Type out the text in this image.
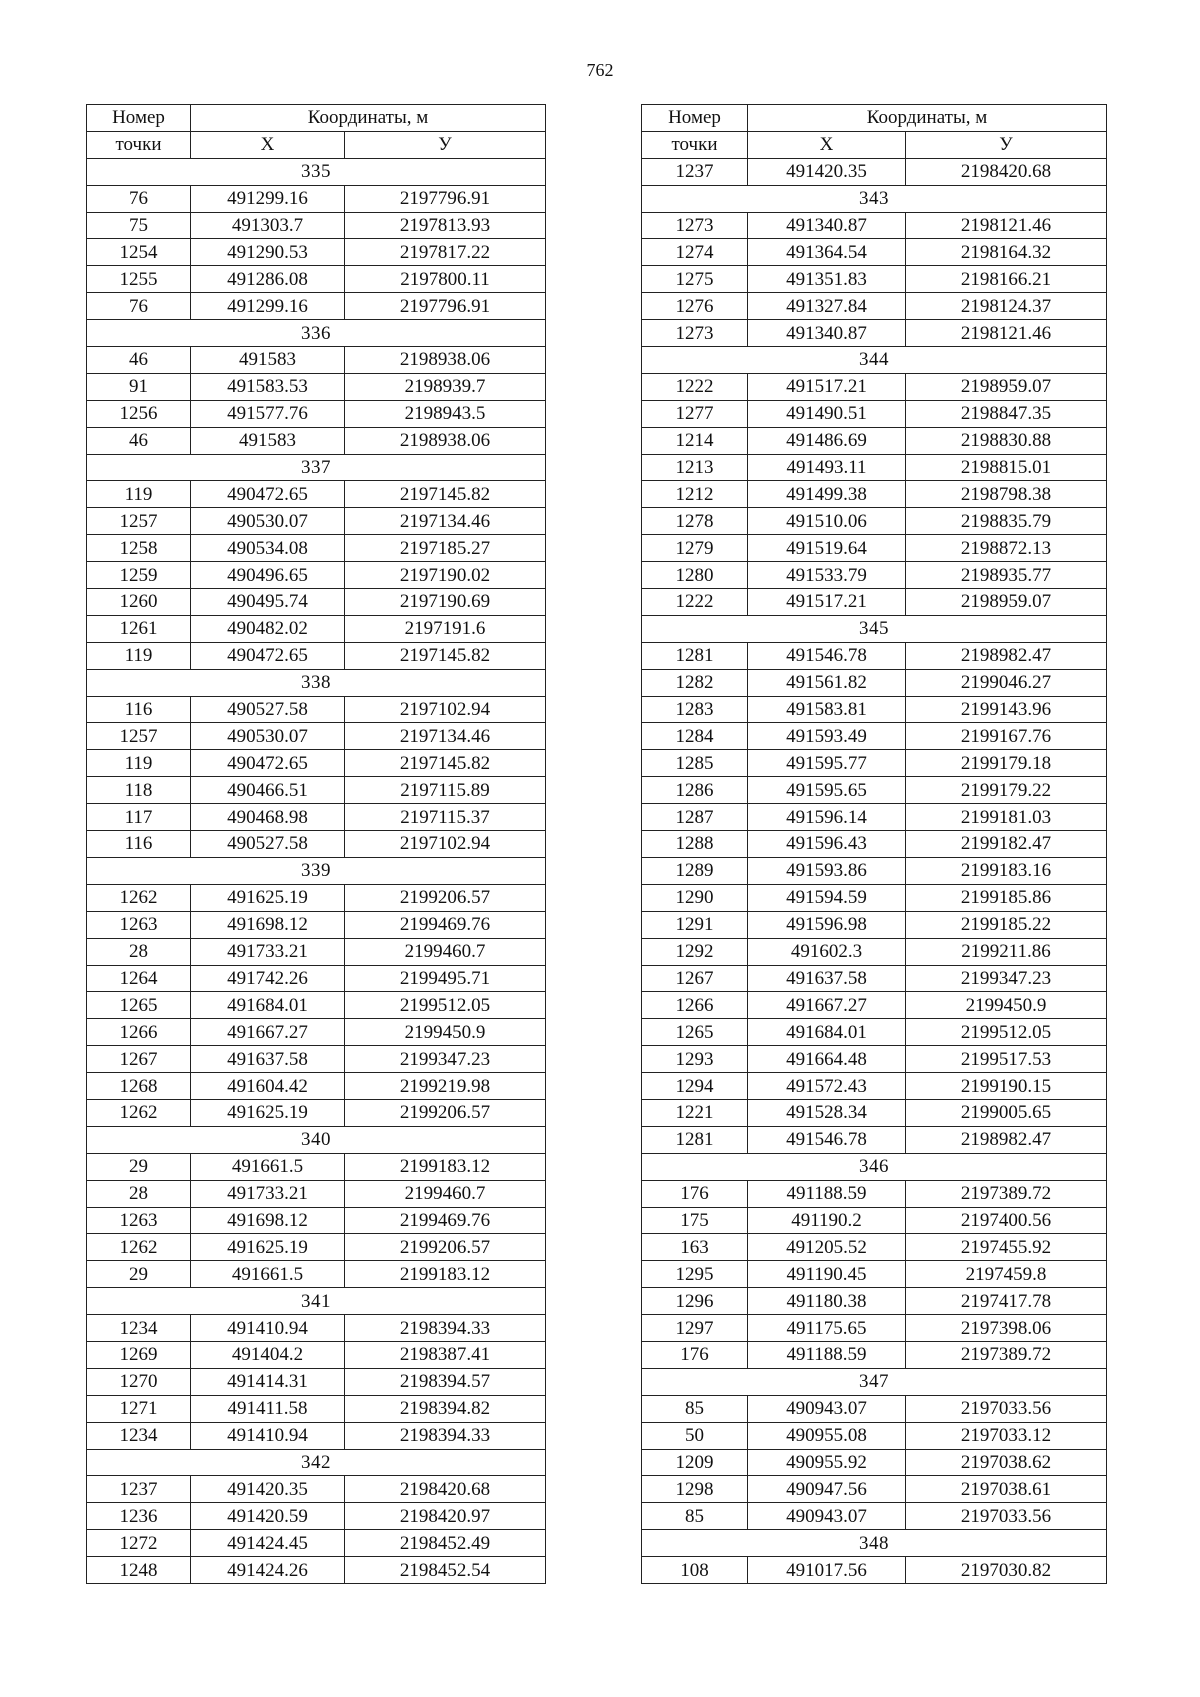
762
Номер	Координаты, м	
точки	X	У
335		
76	491299.16	2197796.91
75	491303.7	2197813.93
1254	491290.53	2197817.22
1255	491286.08	2197800.11
76	491299.16	2197796.91
336		
46	491583	2198938.06
91	491583.53	2198939.7
1256	491577.76	2198943.5
46	491583	2198938.06
337		
119	490472.65	2197145.82
1257	490530.07	2197134.46
1258	490534.08	2197185.27
1259	490496.65	2197190.02
1260	490495.74	2197190.69
1261	490482.02	2197191.6
119	490472.65	2197145.82
338		
116	490527.58	2197102.94
1257	490530.07	2197134.46
119	490472.65	2197145.82
118	490466.51	2197115.89
117	490468.98	2197115.37
116	490527.58	2197102.94
339		
1262	491625.19	2199206.57
1263	491698.12	2199469.76
28	491733.21	2199460.7
1264	491742.26	2199495.71
1265	491684.01	2199512.05
1266	491667.27	2199450.9
1267	491637.58	2199347.23
1268	491604.42	2199219.98
1262	491625.19	2199206.57
340		
29	491661.5	2199183.12
28	491733.21	2199460.7
1263	491698.12	2199469.76
1262	491625.19	2199206.57
29	491661.5	2199183.12
341		
1234	491410.94	2198394.33
1269	491404.2	2198387.41
1270	491414.31	2198394.57
1271	491411.58	2198394.82
1234	491410.94	2198394.33
342		
1237	491420.35	2198420.68
1236	491420.59	2198420.97
1272	491424.45	2198452.49
1248	491424.26	2198452.54
Номер	Координаты, м	
точки	X	У
1237	491420.35	2198420.68
343		
1273	491340.87	2198121.46
1274	491364.54	2198164.32
1275	491351.83	2198166.21
1276	491327.84	2198124.37
1273	491340.87	2198121.46
344		
1222	491517.21	2198959.07
1277	491490.51	2198847.35
1214	491486.69	2198830.88
1213	491493.11	2198815.01
1212	491499.38	2198798.38
1278	491510.06	2198835.79
1279	491519.64	2198872.13
1280	491533.79	2198935.77
1222	491517.21	2198959.07
345		
1281	491546.78	2198982.47
1282	491561.82	2199046.27
1283	491583.81	2199143.96
1284	491593.49	2199167.76
1285	491595.77	2199179.18
1286	491595.65	2199179.22
1287	491596.14	2199181.03
1288	491596.43	2199182.47
1289	491593.86	2199183.16
1290	491594.59	2199185.86
1291	491596.98	2199185.22
1292	491602.3	2199211.86
1267	491637.58	2199347.23
1266	491667.27	2199450.9
1265	491684.01	2199512.05
1293	491664.48	2199517.53
1294	491572.43	2199190.15
1221	491528.34	2199005.65
1281	491546.78	2198982.47
346		
176	491188.59	2197389.72
175	491190.2	2197400.56
163	491205.52	2197455.92
1295	491190.45	2197459.8
1296	491180.38	2197417.78
1297	491175.65	2197398.06
176	491188.59	2197389.72
347		
85	490943.07	2197033.56
50	490955.08	2197033.12
1209	490955.92	2197038.62
1298	490947.56	2197038.61
85	490943.07	2197033.56
348		
108	491017.56	2197030.82
